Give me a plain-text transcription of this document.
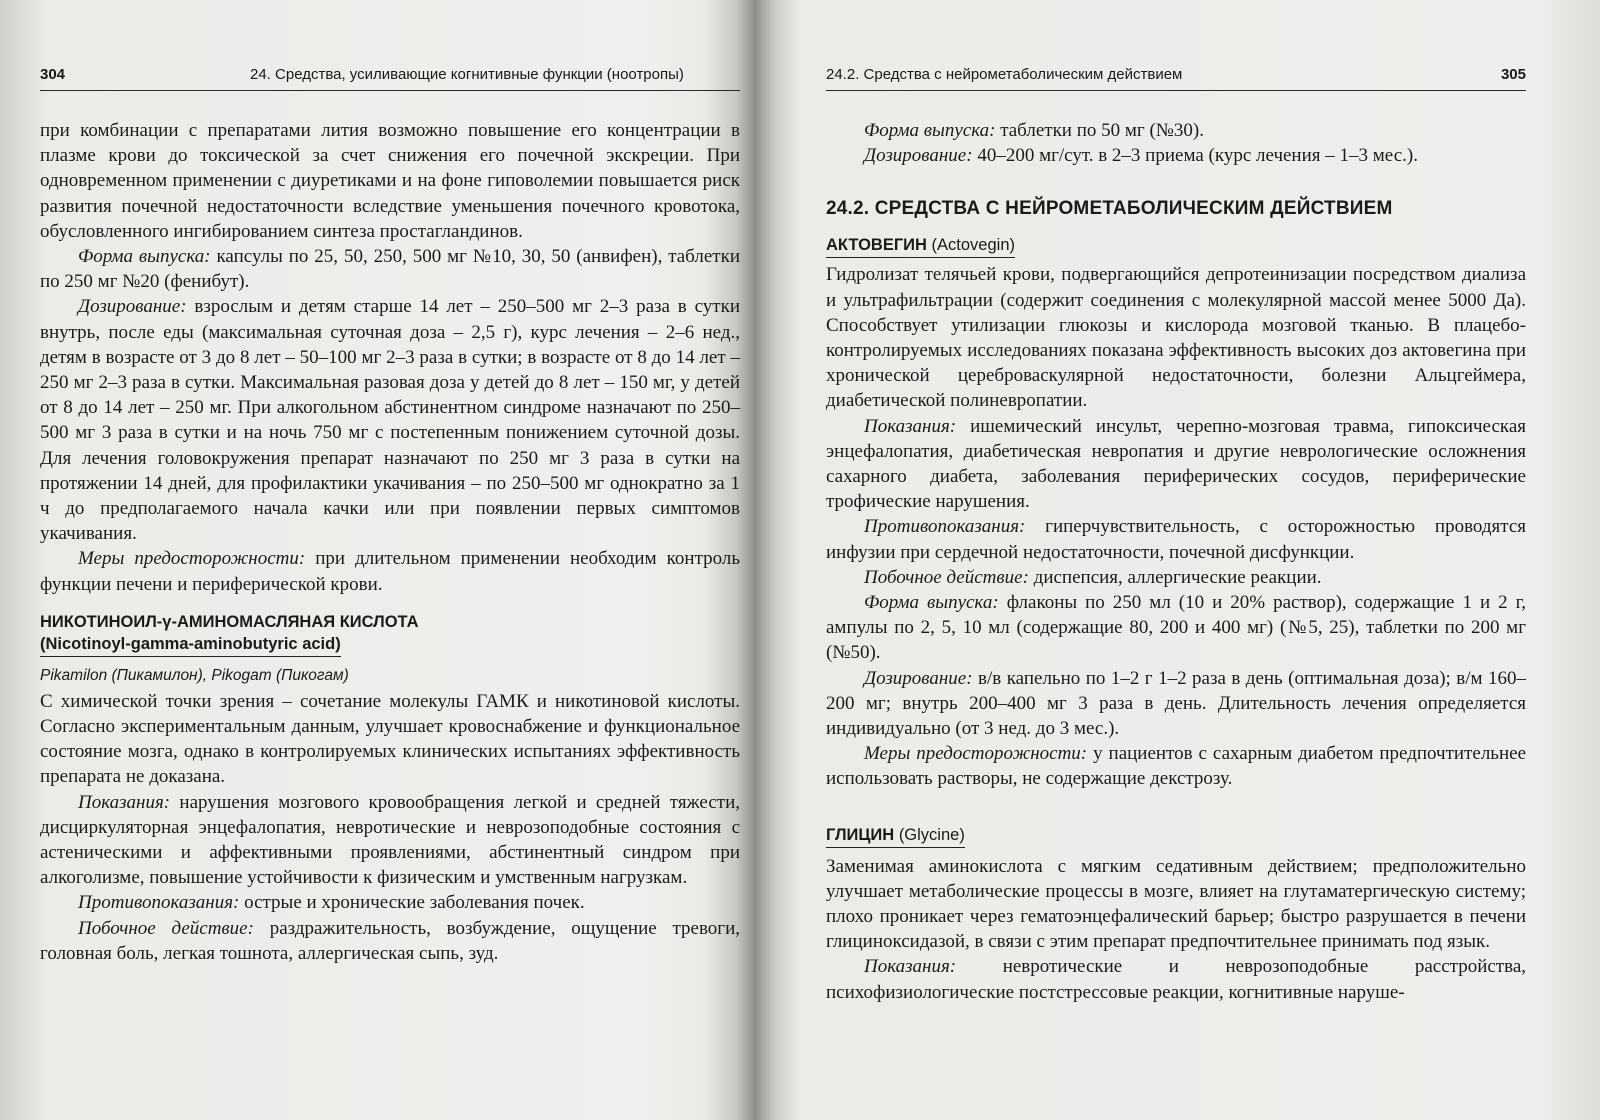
304	24. Средства, усиливающие когнитивные функции (ноотропы)

при комбинации с препаратами лития возможно повышение его концентрации в плазме крови до токсической за счет снижения его почечной экскреции. При одновременном применении с диуретиками и на фоне гиповолемии повышается риск развития почечной недостаточности вследствие уменьшения почечного кровотока, обусловленного ингибированием синтеза простагландинов.

Форма выпуска: капсулы по 25, 50, 250, 500 мг №10, 30, 50 (анвифен), таблетки по 250 мг №20 (фенибут).

Дозирование: взрослым и детям старше 14 лет – 250–500 мг 2–3 раза в сутки внутрь, после еды (максимальная суточная доза – 2,5 г), курс лечения – 2–6 нед., детям в возрасте от 3 до 8 лет – 50–100 мг 2–3 раза в сутки; в возрасте от 8 до 14 лет – 250 мг 2–3 раза в сутки. Максимальная разовая доза у детей до 8 лет – 150 мг, у детей от 8 до 14 лет – 250 мг. При алкогольном абстинентном синдроме назначают по 250–500 мг 3 раза в сутки и на ночь 750 мг с постепенным понижением суточной дозы. Для лечения головокружения препарат назначают по 250 мг 3 раза в сутки на протяжении 14 дней, для профилактики укачивания – по 250–500 мг однократно за 1 ч до предполагаемого начала качки или при появлении первых симптомов укачивания.

Меры предосторожности: при длительном применении необходим контроль функции печени и периферической крови.

НИКОТИНОИЛ-γ-АМИНОМАСЛЯНАЯ КИСЛОТА
(Nicotinoyl-gamma-aminobutyric acid)
Pikamilon (Пикамилон), Pikogam (Пикогам)

С химической точки зрения – сочетание молекулы ГАМК и никотиновой кислоты. Согласно экспериментальным данным, улучшает кровоснабжение и функциональное состояние мозга, однако в контролируемых клинических испытаниях эффективность препарата не доказана.

Показания: нарушения мозгового кровообращения легкой и средней тяжести, дисциркуляторная энцефалопатия, невротические и неврозоподобные состояния с астеническими и аффективными проявлениями, абстинентный синдром при алкоголизме, повышение устойчивости к физическим и умственным нагрузкам.

Противопоказания: острые и хронические заболевания почек.

Побочное действие: раздражительность, возбуждение, ощущение тревоги, головная боль, легкая тошнота, аллергическая сыпь, зуд.

24.2. Средства с нейрометаболическим действием	305

Форма выпуска: таблетки по 50 мг (№30).

Дозирование: 40–200 мг/сут. в 2–3 приема (курс лечения – 1–3 мес.).

24.2. СРЕДСТВА С НЕЙРОМЕТАБОЛИЧЕСКИМ ДЕЙСТВИЕМ
АКТОВЕГИН (Actovegin)

Гидролизат телячьей крови, подвергающийся депротеинизации посредством диализа и ультрафильтрации (содержит соединения с молекулярной массой менее 5000 Да). Способствует утилизации глюкозы и кислорода мозговой тканью. В плацебо-контролируемых исследованиях показана эффективность высоких доз актовегина при хронической цереброваскулярной недостаточности, болезни Альцгеймера, диабетической полиневропатии.

Показания: ишемический инсульт, черепно-мозговая травма, гипоксическая энцефалопатия, диабетическая невропатия и другие неврологические осложнения сахарного диабета, заболевания периферических сосудов, периферические трофические нарушения.

Противопоказания: гиперчувствительность, с осторожностью проводятся инфузии при сердечной недостаточности, почечной дисфункции.

Побочное действие: диспепсия, аллергические реакции.

Форма выпуска: флаконы по 250 мл (10 и 20% раствор), содержащие 1 и 2 г, ампулы по 2, 5, 10 мл (содержащие 80, 200 и 400 мг) (№5, 25), таблетки по 200 мг (№50).

Дозирование: в/в капельно по 1–2 г 1–2 раза в день (оптимальная доза); в/м 160–200 мг; внутрь 200–400 мг 3 раза в день. Длительность лечения определяется индивидуально (от 3 нед. до 3 мес.).

Меры предосторожности: у пациентов с сахарным диабетом предпочтительнее использовать растворы, не содержащие декстрозу.

ГЛИЦИН (Glycine)

Заменимая аминокислота с мягким седативным действием; предположительно улучшает метаболические процессы в мозге, влияет на глутаматергическую систему; плохо проникает через гематоэнцефалический барьер; быстро разрушается в печени глициноксидазой, в связи с этим препарат предпочтительнее принимать под язык.

Показания: невротические и неврозоподобные расстройства, психофизиологические постстрессовые реакции, когнитивные наруше-
